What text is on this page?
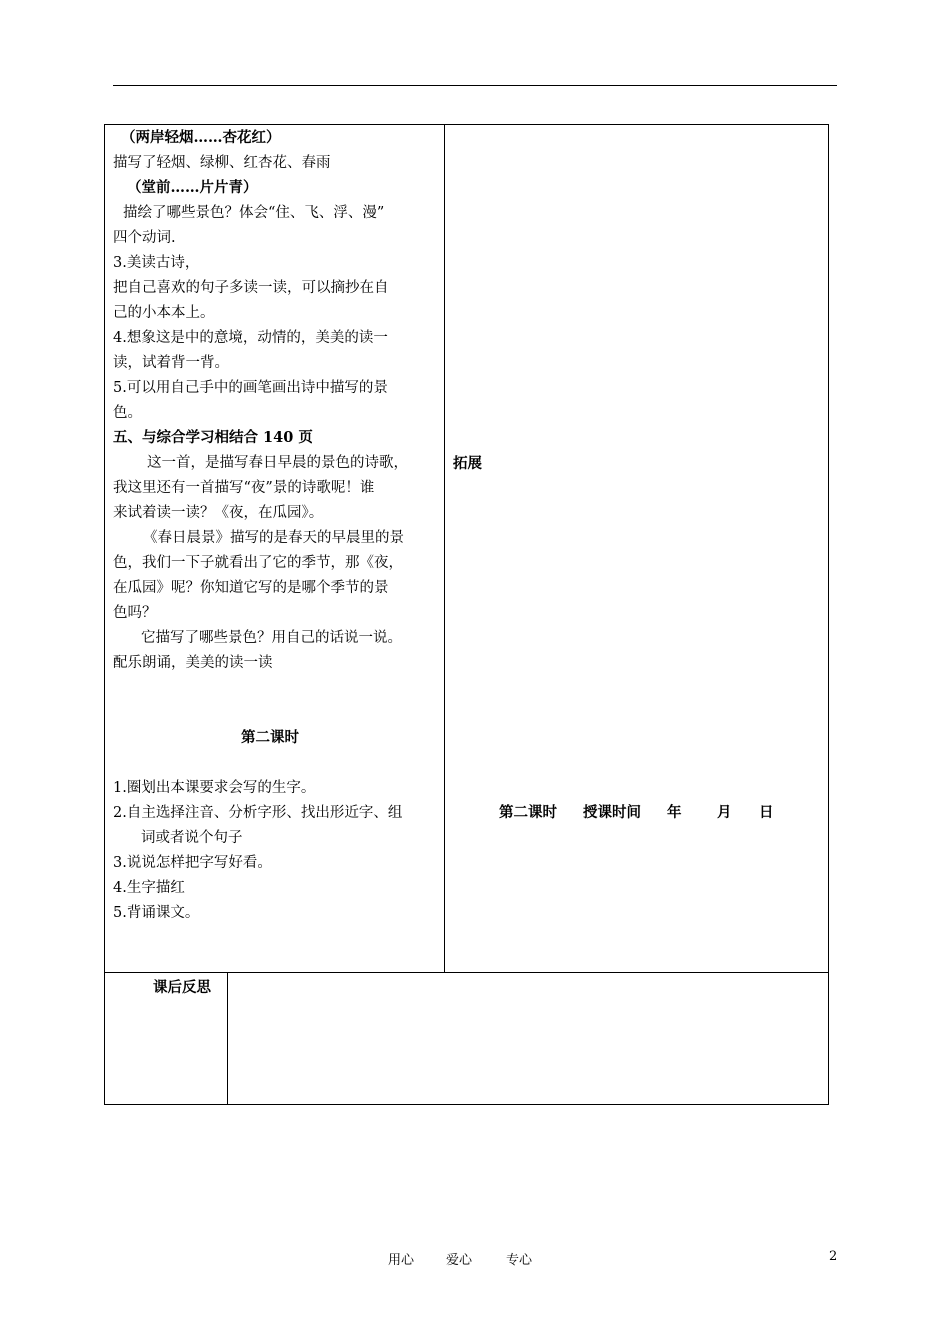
（两岸轻烟……杏花红）
描写了轻烟、绿柳、红杏花、春雨
（堂前……片片青）
描绘了哪些景色？体会“住、飞、浮、漫”
四个动词.
3.美读古诗，
把自己喜欢的句子多读一读，可以摘抄在自
己的小本本上。
4.想象这是中的意境，动情的，美美的读一
读，试着背一背。
5.可以用自己手中的画笔画出诗中描写的景
色。
五、与综合学习相结合 140 页
这一首，是描写春日早晨的景色的诗歌，
我这里还有一首描写“夜”景的诗歌呢！谁
来试着读一读？《夜，在瓜园》。
《春日晨景》描写的是春天的早晨里的景
色，我们一下子就看出了它的季节，那《夜，
在瓜园》呢？你知道它写的是哪个季节的景
色吗？
它描写了哪些景色？用自己的话说一说。
配乐朗诵，美美的读一读
第二课时
1.圈划出本课要求会写的生字。
2.自主选择注音、分析字形、找出形近字、组
词或者说个句子
3.说说怎样把字写好看。
4.生字描红
5.背诵课文。
拓展
第二课时 授课时间 年 月 日
课后反思
用心 爱心	专心	2
